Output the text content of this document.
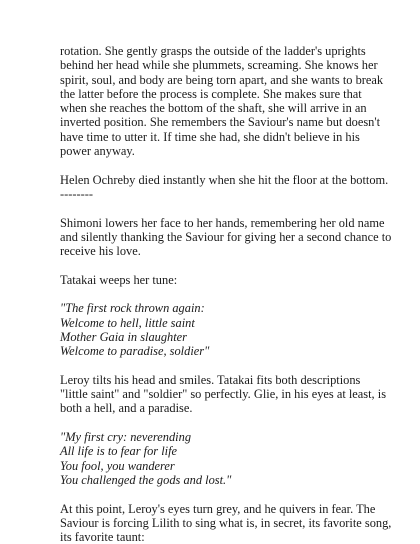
rotation. She gently grasps the outside of the ladder's uprights
behind her head while she plummets, screaming. She knows her
spirit, soul, and body are being torn apart, and she wants to break
the latter before the process is complete. She makes sure that
when she reaches the bottom of the shaft, she will arrive in an
inverted position. She remembers the Saviour's name but doesn't
have time to utter it. If time she had, she didn't believe in his
power anyway.

Helen Ochreby died instantly when she hit the floor at the bottom.

--------

Shimoni lowers her face to her hands, remembering her old name
and silently thanking the Saviour for giving her a second chance to
receive his love.

Tatakai weeps her tune:

"The first rock thrown again:
Welcome to hell, little saint
Mother Gaia in slaughter
Welcome to paradise, soldier"

Leroy tilts his head and smiles. Tatakai fits both descriptions
"little saint" and "soldier" so perfectly. Glie, in his eyes at least, is
both a hell, and a paradise.

"My first cry: neverending
All life is to fear for life
You fool, you wanderer
You challenged the gods and lost."

At this point, Leroy's eyes turn grey, and he quivers in fear. The
Saviour is forcing Lilith to sing what is, in secret, its favorite song,
its favorite taunt:
